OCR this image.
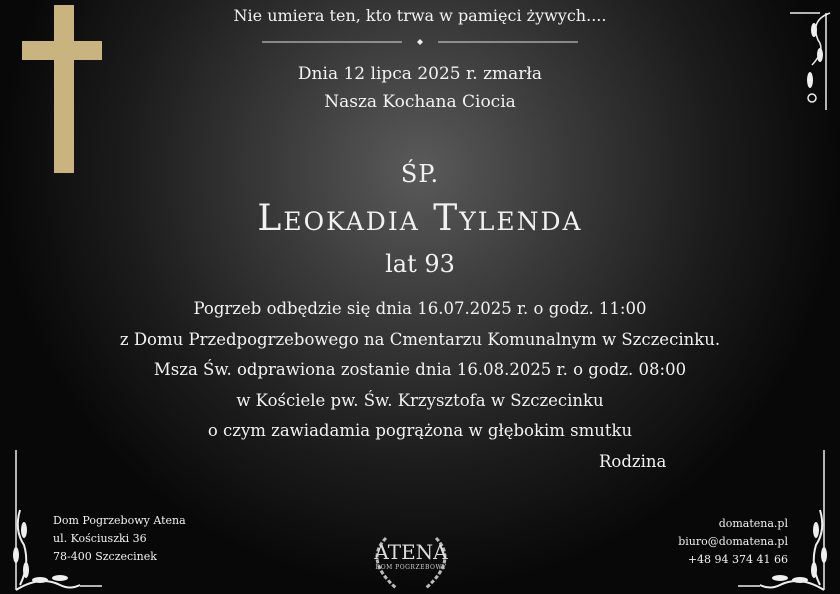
Nie umiera ten, kto trwa w pamięci żywych....
Dnia 12 lipca 2025 r. zmarła
Nasza Kochana Ciocia
ŚP.
Leokadia Tylenda
lat 93
Pogrzeb odbędzie się dnia 16.07.2025 r. o godz. 11:00
z Domu Przedpogrzebowego na Cmentarzu Komunalnym w Szczecinku.
Msza Św. odprawiona zostanie dnia 16.08.2025 r. o godz. 08:00
w Kościele pw. Św. Krzysztofa w Szczecinku
o czym zawiadamia pogrążona w głębokim smutku
Rodzina
Dom Pogrzebowy Atena
ul. Kościuszki 36
78-400 Szczecinek	ATENA
DOM POGRZEBOWY
domatena.pl
biuro@domatena.pl
+48 94 374 41 66
